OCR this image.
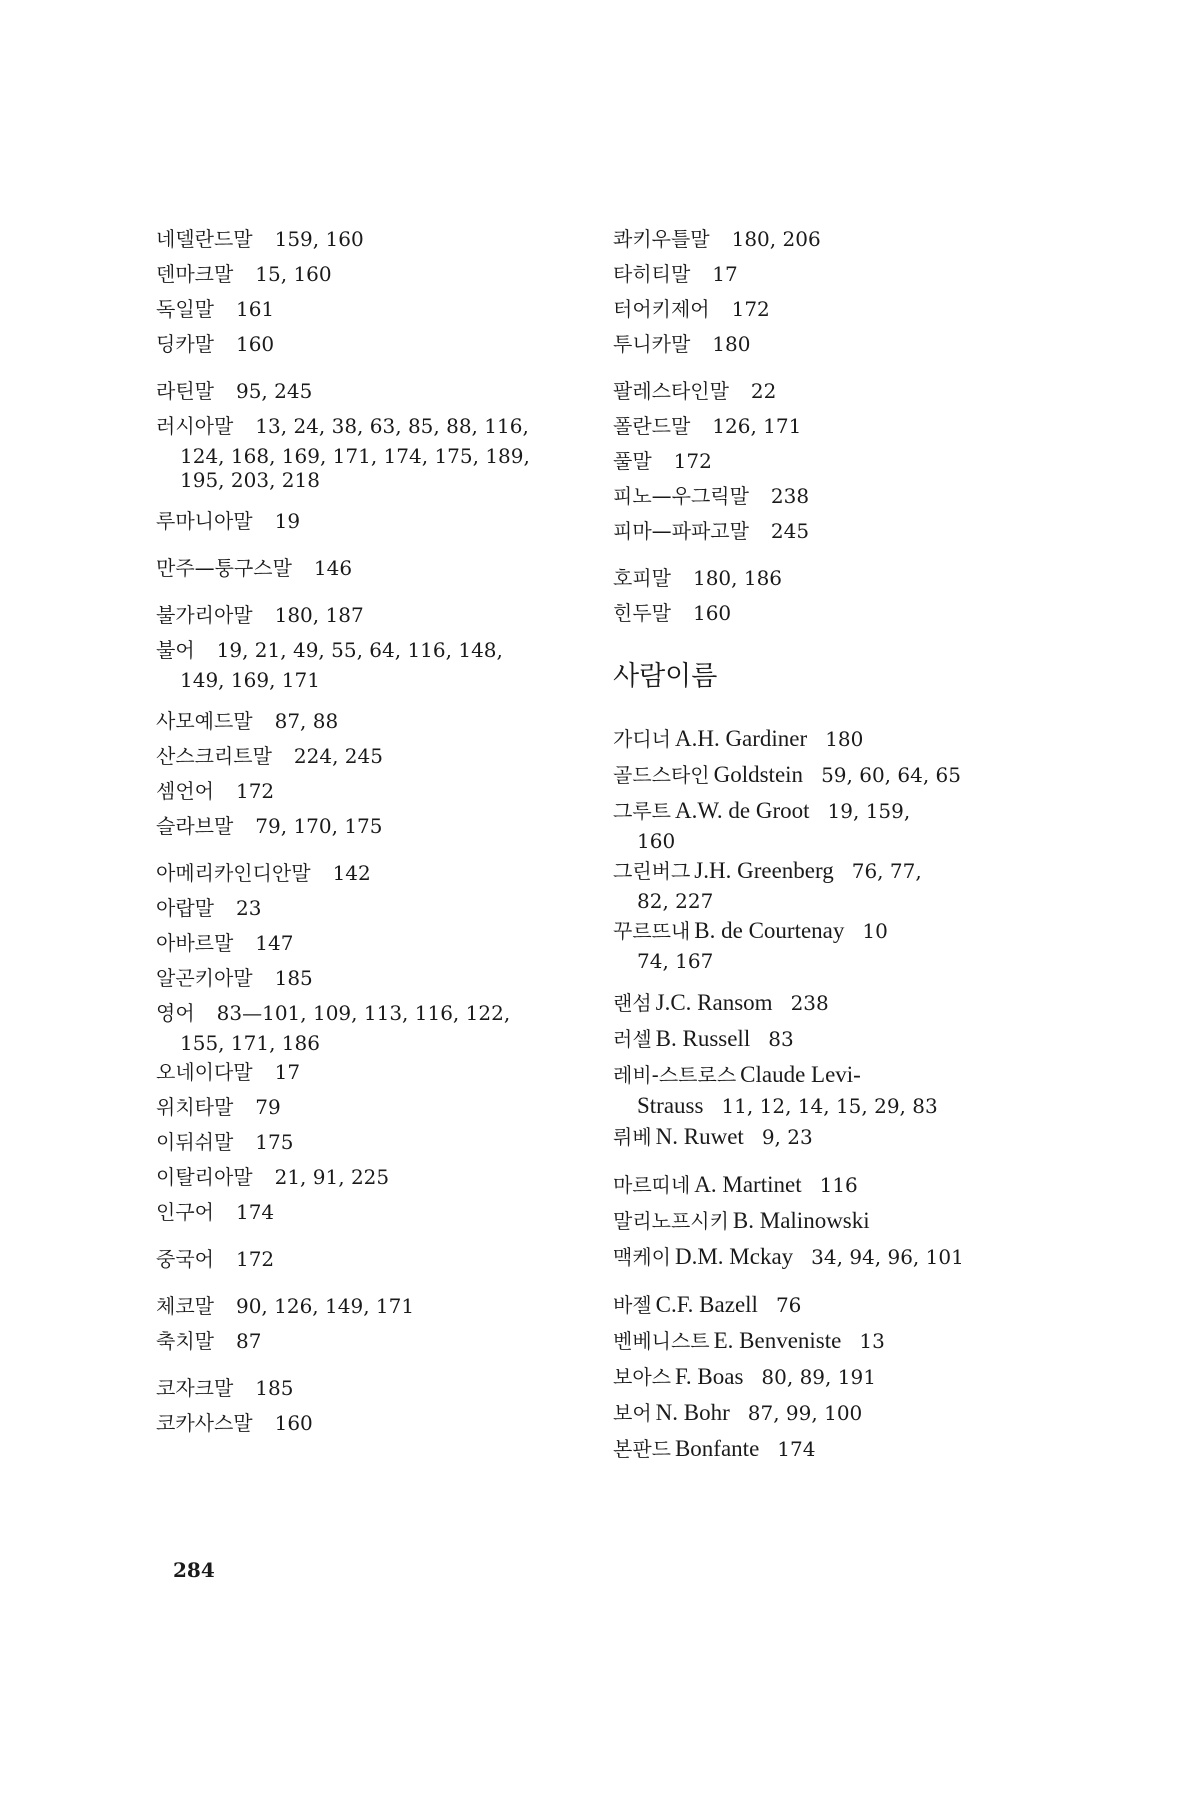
네델란드말 159, 160
덴마크말 15, 160
독일말 161
딩카말 160
라틴말 95, 245
러시아말 13, 24, 38, 63, 85, 88, 116,
124, 168, 169, 171, 174, 175, 189,
195, 203, 218
루마니아말 19
만주—퉁구스말 146
불가리아말 180, 187
불어 19, 21, 49, 55, 64, 116, 148,
149, 169, 171
사모예드말 87, 88
산스크리트말 224, 245
셈언어 172
슬라브말 79, 170, 175
아메리카인디안말 142
아랍말 23
아바르말 147
알곤키아말 185
영어 83—101, 109, 113, 116, 122,
155, 171, 186
오네이다말 17
위치타말 79
이뒤쉬말 175
이탈리아말 21, 91, 225
인구어 174
중국어 172
체코말 90, 126, 149, 171
축치말 87
코자크말 185
코카사스말 160
콰키우틀말 180, 206
타히티말 17
터어키제어 172
투니카말 180
팔레스타인말 22
폴란드말 126, 171
풀말 172
피노—우그릭말 238
피마—파파고말 245
호피말 180, 186
힌두말 160
사람이름
가디너 A.H. Gardiner 180
골드스타인 Goldstein 59, 60, 64, 65
그루트 A.W. de Groot 19, 159,
160
그린버그 J.H. Greenberg 76, 77,
82, 227
꾸르뜨내 B. de Courtenay 10
74, 167
랜섬 J.C. Ransom 238
러셀 B. Russell 83
레비-스트로스 Claude Levi-
Strauss 11, 12, 14, 15, 29, 83
뤼베 N. Ruwet 9, 23
마르띠네 A. Martinet 116
말리노프시키 B. Malinowski
맥케이 D.M. Mckay 34, 94, 96, 101
바젤 C.F. Bazell 76
벤베니스트 E. Benveniste 13
보아스 F. Boas 80, 89, 191
보어 N. Bohr 87, 99, 100
본판드 Bonfante 174
284
